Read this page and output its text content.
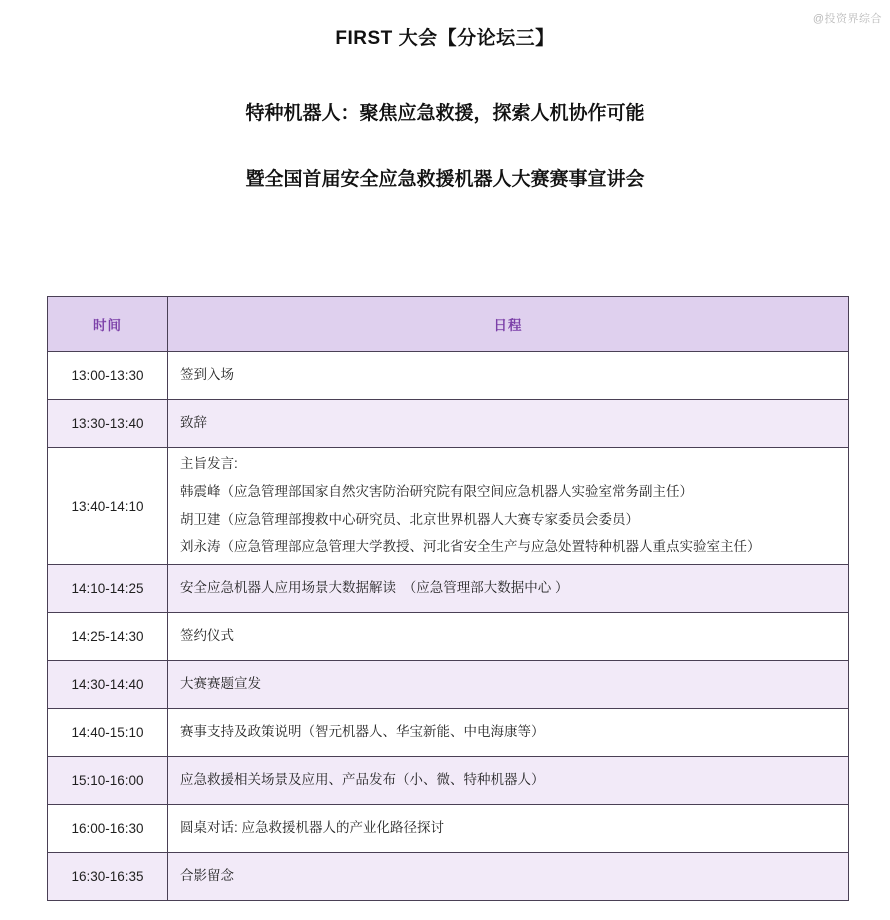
@投资界综合
FIRST 大会【分论坛三】
特种机器人：聚焦应急救援，探索人机协作可能
暨全国首届安全应急救援机器人大赛赛事宣讲会
时间	日程
13:00-13:30	签到入场

13:30-13:40	致辞

13:40-14:10	主旨发言:
韩震峰（应急管理部国家自然灾害防治研究院有限空间应急机器人实验室常务副主任）
胡卫建（应急管理部搜救中心研究员、北京世界机器人大赛专家委员会委员）
刘永涛（应急管理部应急管理大学教授、河北省安全生产与应急处置特种机器人重点实验室主任）

14:10-14:25	安全应急机器人应用场景大数据解读　（应急管理部大数据中心 ）

14:25-14:30	签约仪式

14:30-14:40	大赛赛题宣发

14:40-15:10	赛事支持及政策说明（智元机器人、华宝新能、中电海康等）

15:10-16:00	应急救援相关场景及应用、产品发布（小、微、特种机器人）

16:00-16:30	圆桌对话: 应急救援机器人的产业化路径探讨

16:30-16:35	合影留念
